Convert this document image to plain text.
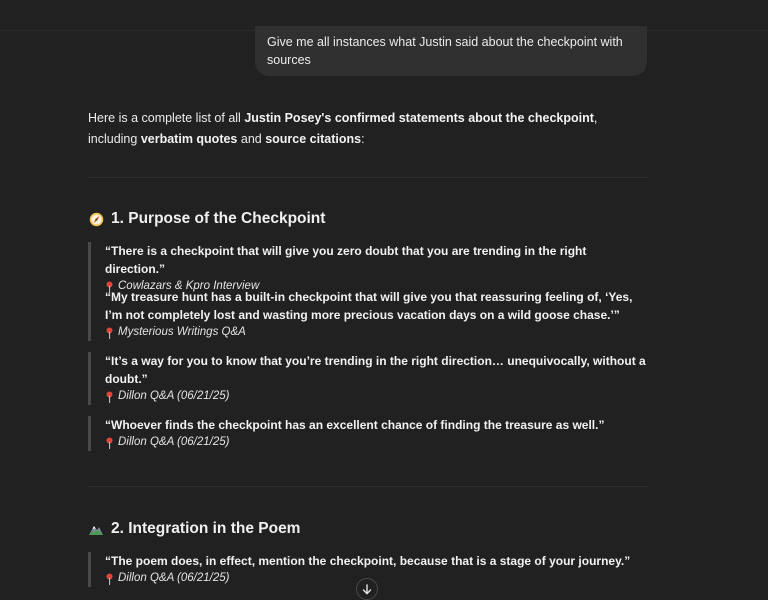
Give me all instances what Justin said about the checkpoint with sources
Here is a complete list of all Justin Posey's confirmed statements about the checkpoint, including verbatim quotes and source citations:
1. Purpose of the Checkpoint
“There is a checkpoint that will give you zero doubt that you are trending in the right direction.”
Cowlazars & Kpro Interview
“My treasure hunt has a built-in checkpoint that will give you that reassuring feeling of, ‘Yes, I’m not completely lost and wasting more precious vacation days on a wild goose chase.’”
Mysterious Writings Q&A
“It’s a way for you to know that you’re trending in the right direction… unequivocally, without a doubt.”
Dillon Q&A (06/21/25)
“Whoever finds the checkpoint has an excellent chance of finding the treasure as well.”
Dillon Q&A (06/21/25)
2. Integration in the Poem
“The poem does, in effect, mention the checkpoint, because that is a stage of your journey.”
Dillon Q&A (06/21/25)
